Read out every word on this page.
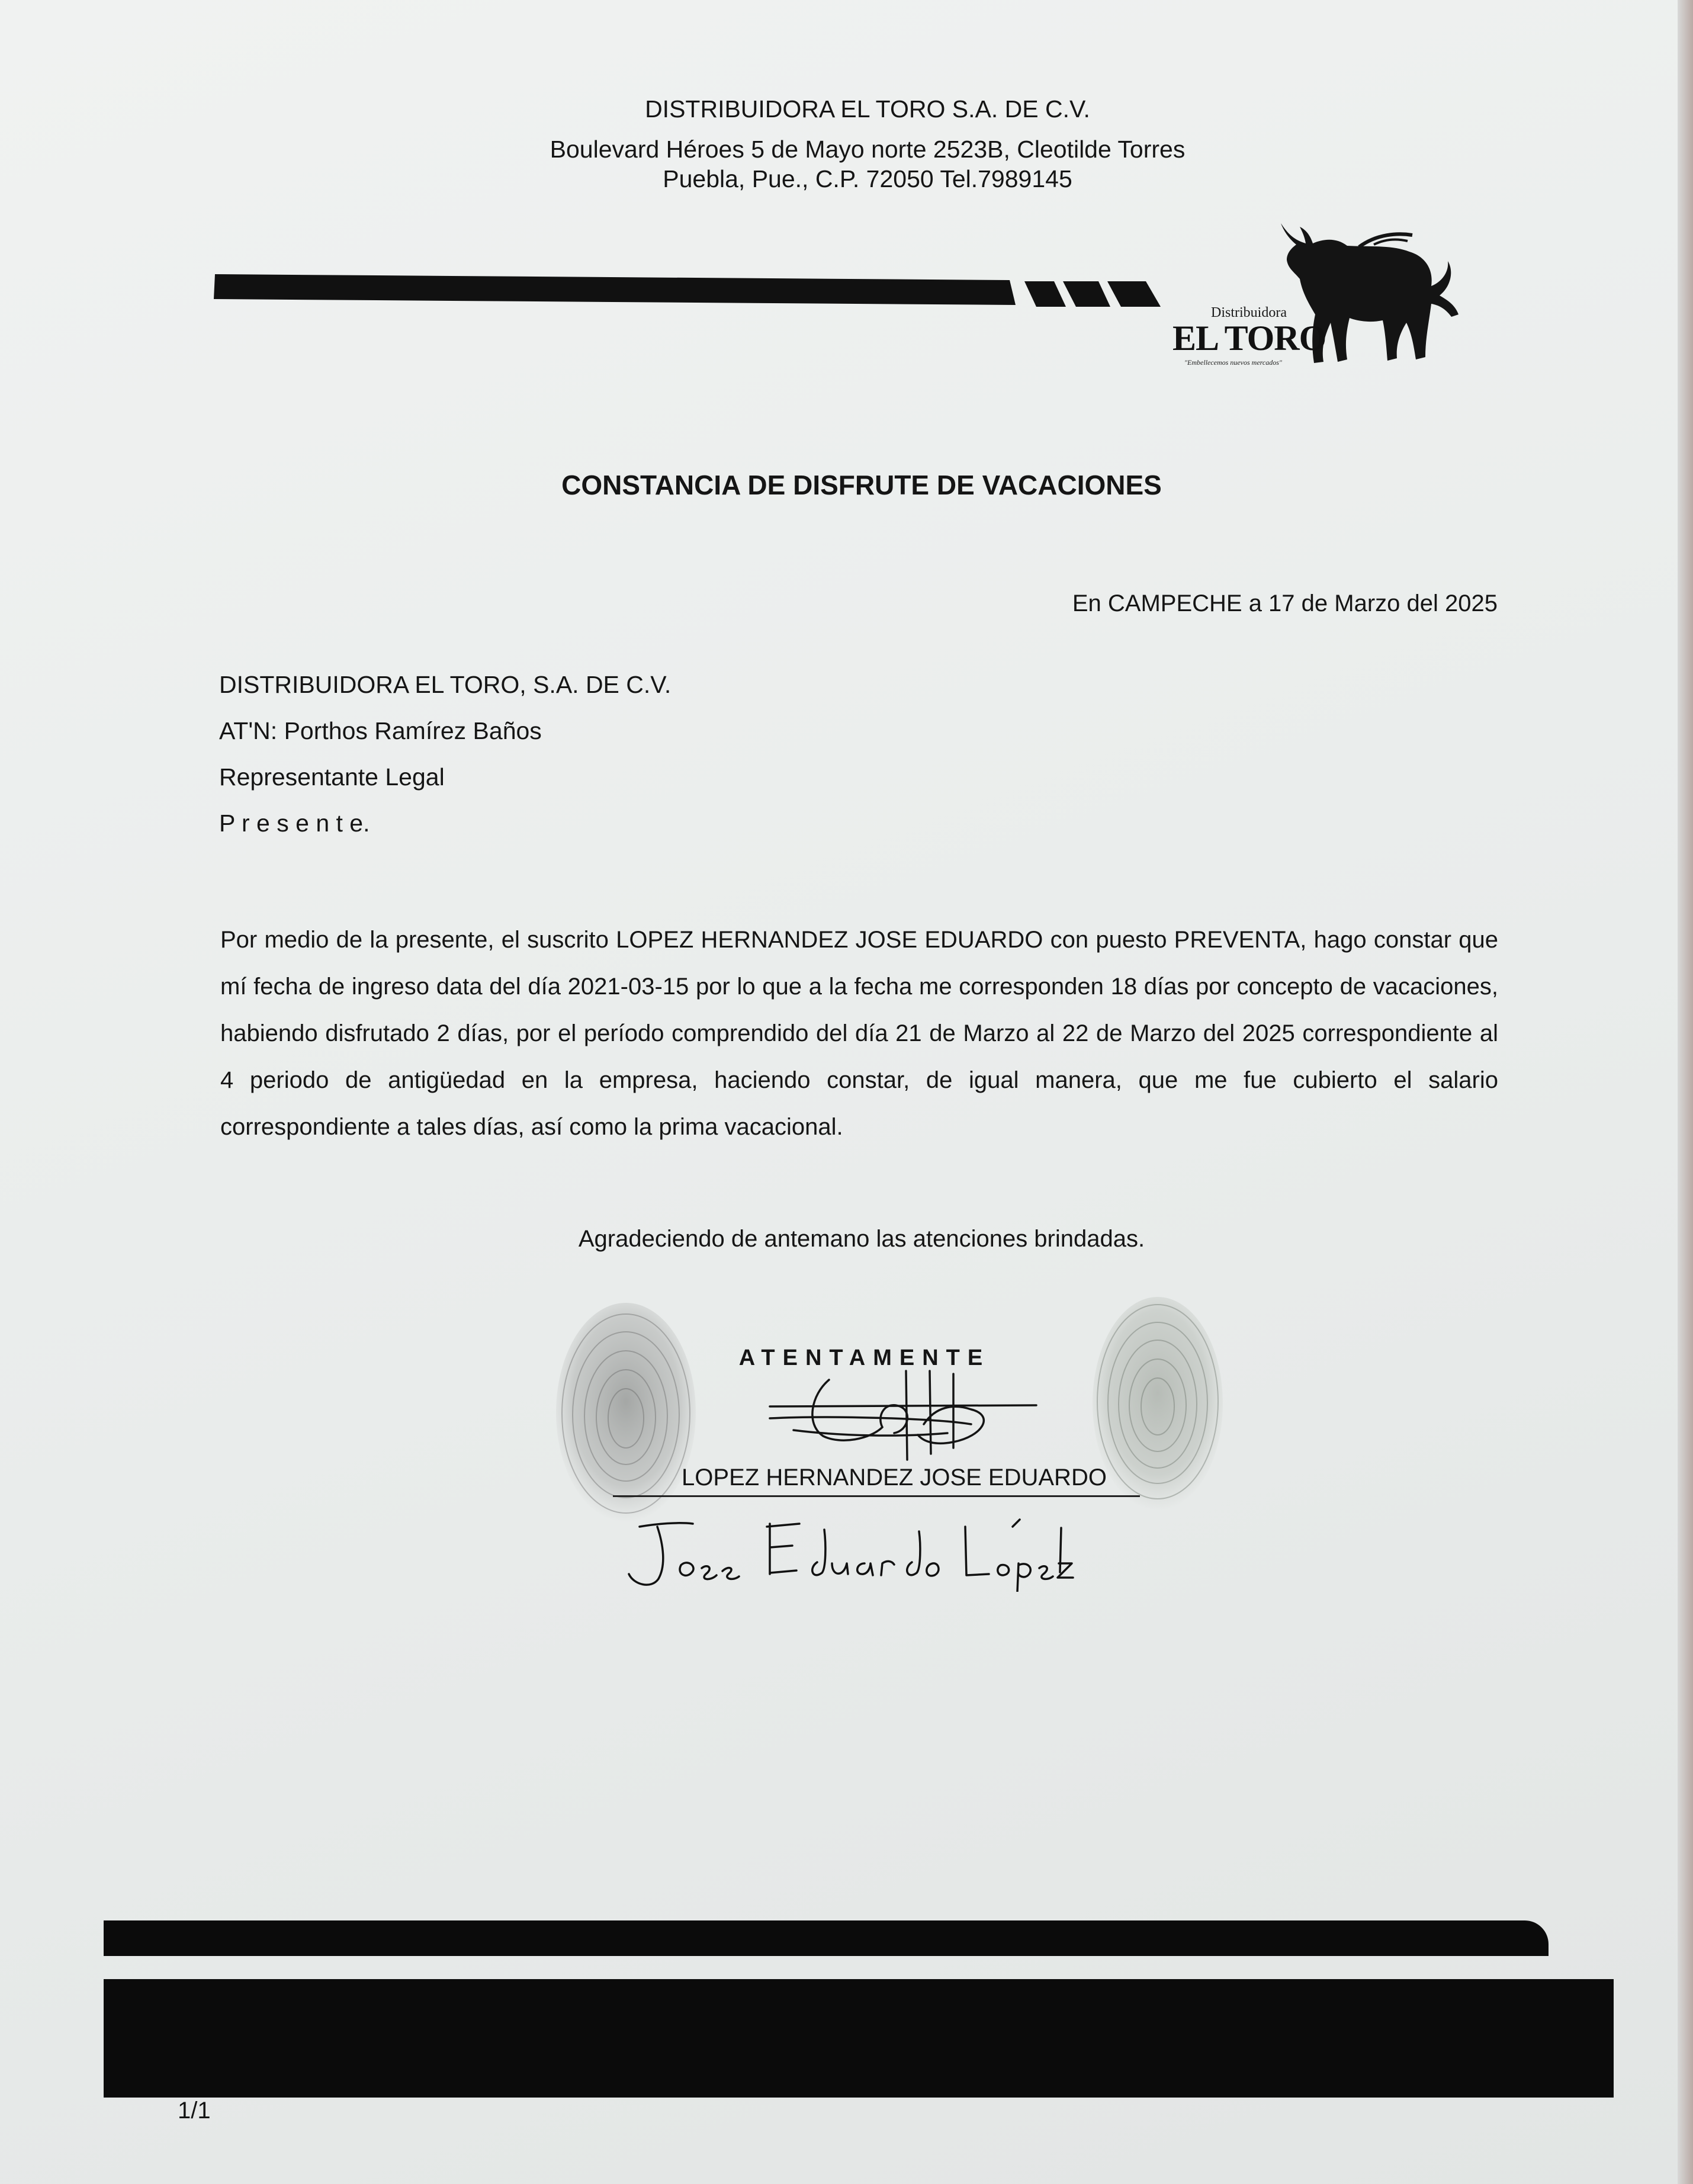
DISTRIBUIDORA EL TORO S.A. DE C.V.
Boulevard Héroes 5 de Mayo norte 2523B, Cleotilde Torres
Puebla, Pue., C.P. 72050 Tel.7989145
Distribuidora
EL TORO
"Embellecemos nuevos mercados"
CONSTANCIA DE DISFRUTE DE VACACIONES
En CAMPECHE a 17 de Marzo del 2025
DISTRIBUIDORA EL TORO, S.A. DE C.V.
AT'N: Porthos Ramírez Baños
Representante Legal
P r e s e n t e.
Por medio de la presente, el suscrito LOPEZ HERNANDEZ JOSE EDUARDO con puesto PREVENTA, hago constar que mí fecha de ingreso data del día 2021-03-15 por lo que a la fecha me corresponden 18 días por concepto de vacaciones, habiendo disfrutado 2 días, por el período comprendido del día 21 de Marzo al 22 de Marzo del 2025 correspondiente al 4 periodo de antigüedad en la empresa, haciendo constar, de igual manera, que me fue cubierto el salario correspondiente a tales días, así como la prima vacacional.
Agradeciendo de antemano las atenciones brindadas.
ATENTAMENTE
LOPEZ HERNANDEZ JOSE EDUARDO
1/1
